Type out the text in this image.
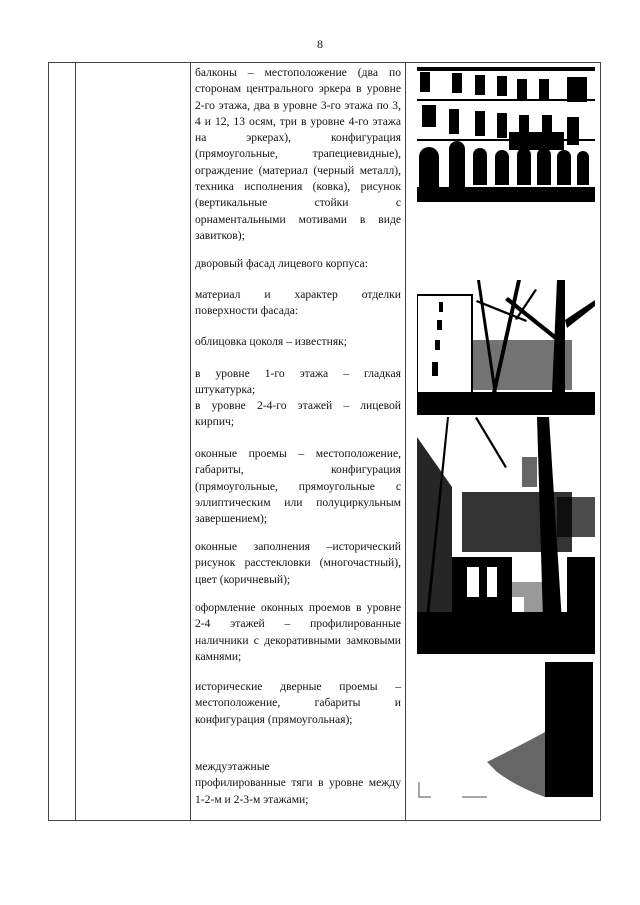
8
балконы – местоположение (два по сторонам центрального эркера в уровне 2-го этажа, два в уровне 3-го этажа по 3, 4 и 12, 13 осям, три в уровне 4-го этажа на эркерах), конфигурация (прямоугольные, трапециевидные), ограждение (материал (черный металл), техника исполнения (ковка), рисунок (вертикальные стойки с орнаментальными мотивами в виде завитков);
дворовый фасад лицевого корпуса:
материал и характер отделки поверхности фасада:
облицовка цоколя – известняк;
в уровне 1-го этажа – гладкая штукатурка;
в уровне 2-4-го этажей – лицевой кирпич;
оконные проемы – местоположение, габариты, конфигурация (прямоугольные, прямоугольные с эллиптическим или полуциркульным завершением);
оконные заполнения –исторический рисунок расстекловки (многочастный), цвет (коричневый);
оформление оконных проемов в уровне 2-4 этажей – профилированные наличники с декоративными замковыми камнями;
исторические дверные проемы – местоположение, габариты и конфигурация (прямоугольная);
междуэтажные
профилированные тяги в уровне между 1-2-м и 2-3-м этажами;
